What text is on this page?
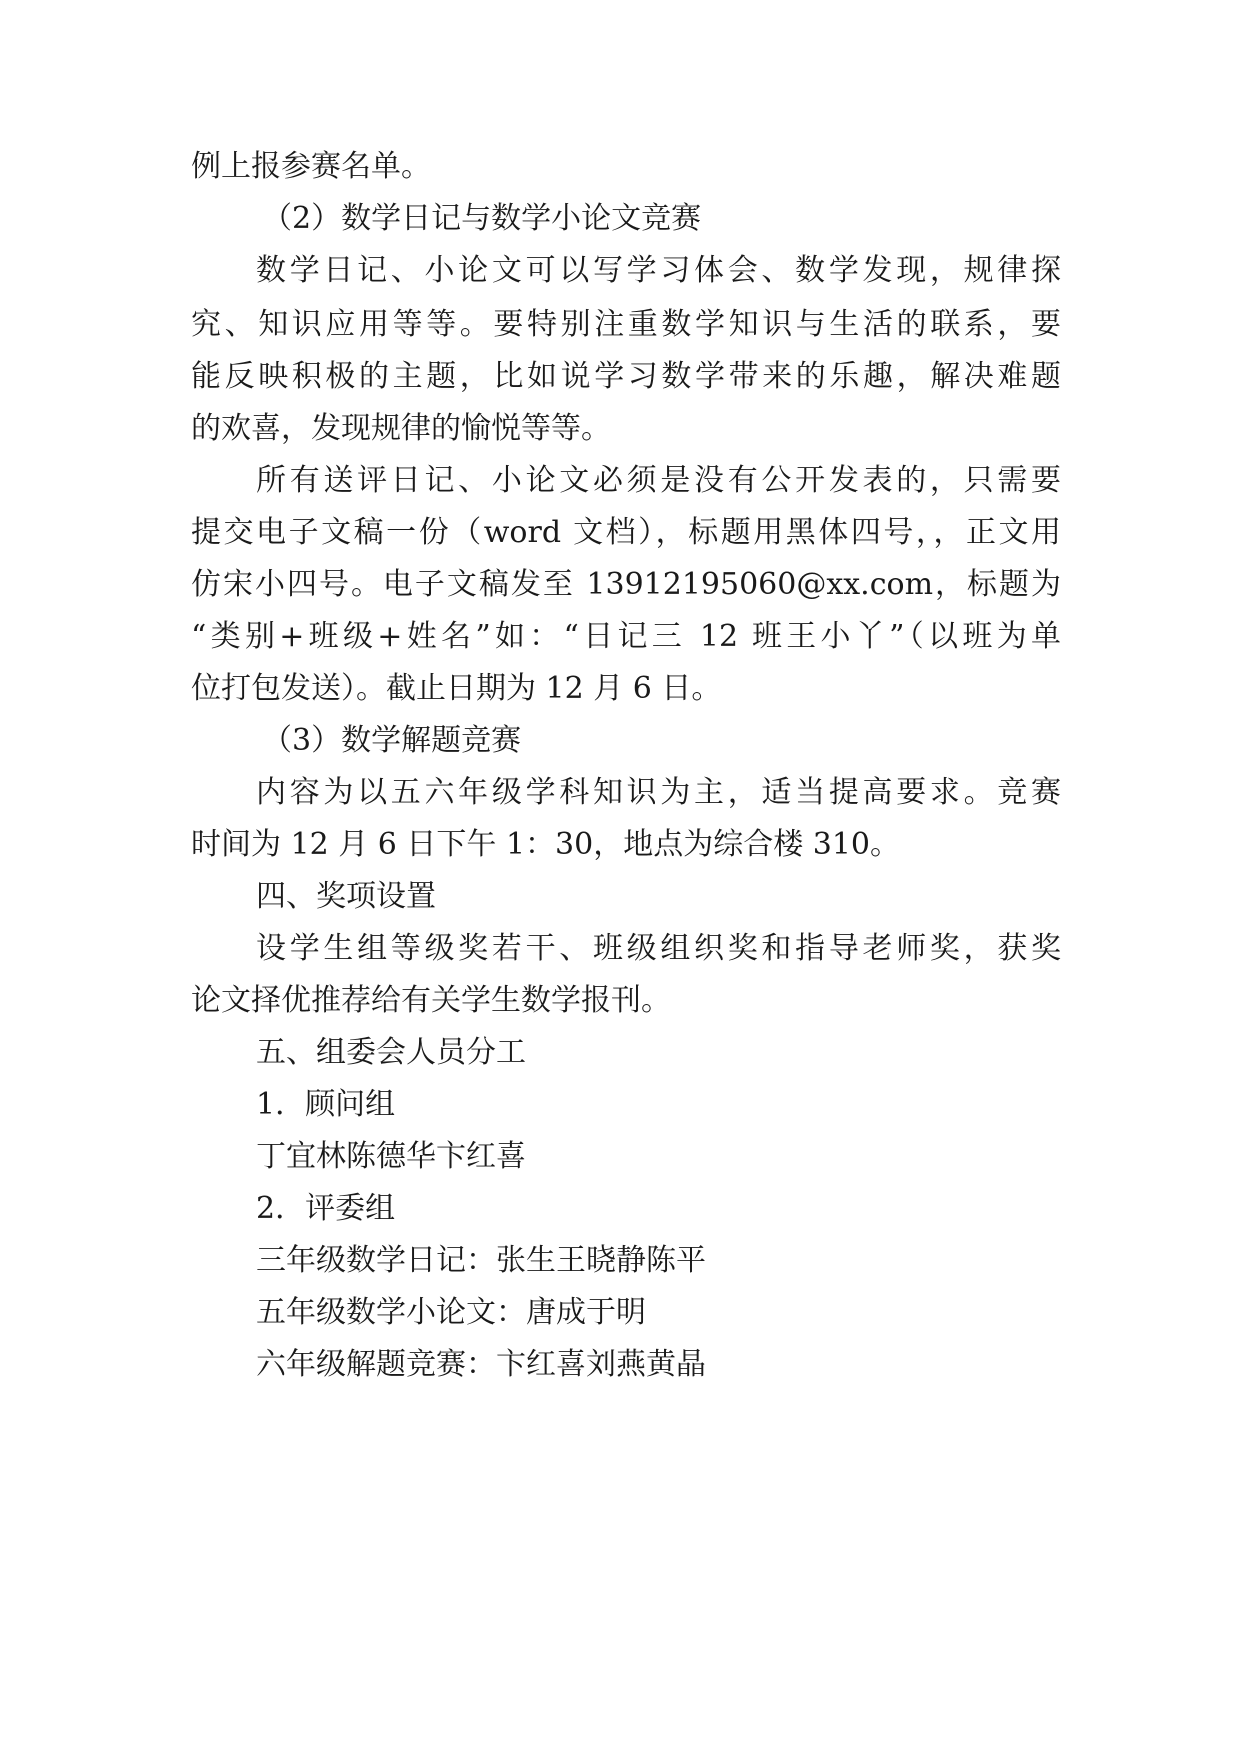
例上报参赛名单。
（2）数学日记与数学小论文竞赛
数学日记、小论文可以写学习体会、数学发现，规律探
究、知识应用等等。要特别注重数学知识与生活的联系，要
能反映积极的主题，比如说学习数学带来的乐趣，解决难题
的欢喜，发现规律的愉悦等等。
所有送评日记、小论文必须是没有公开发表的，只需要
提交电子文稿一份（word 文档），标题用黑体四号，，正文用
仿宋小四号。电子文稿发至 13912195060@xx.com，标题为
“类别+班级+姓名”如：“日记三 12 班王小丫”（以班为单
位打包发送）。截止日期为 12 月 6 日。
（3）数学解题竞赛
内容为以五六年级学科知识为主，适当提高要求。竞赛
时间为 12 月 6 日下午 1：30，地点为综合楼 310。
四、奖项设置
设学生组等级奖若干、班级组织奖和指导老师奖，获奖
论文择优推荐给有关学生数学报刊。
五、组委会人员分工
1．顾问组
丁宜林陈德华卞红喜
2．评委组
三年级数学日记：张生王晓静陈平
五年级数学小论文：唐成于明
六年级解题竞赛：卞红喜刘燕黄晶
